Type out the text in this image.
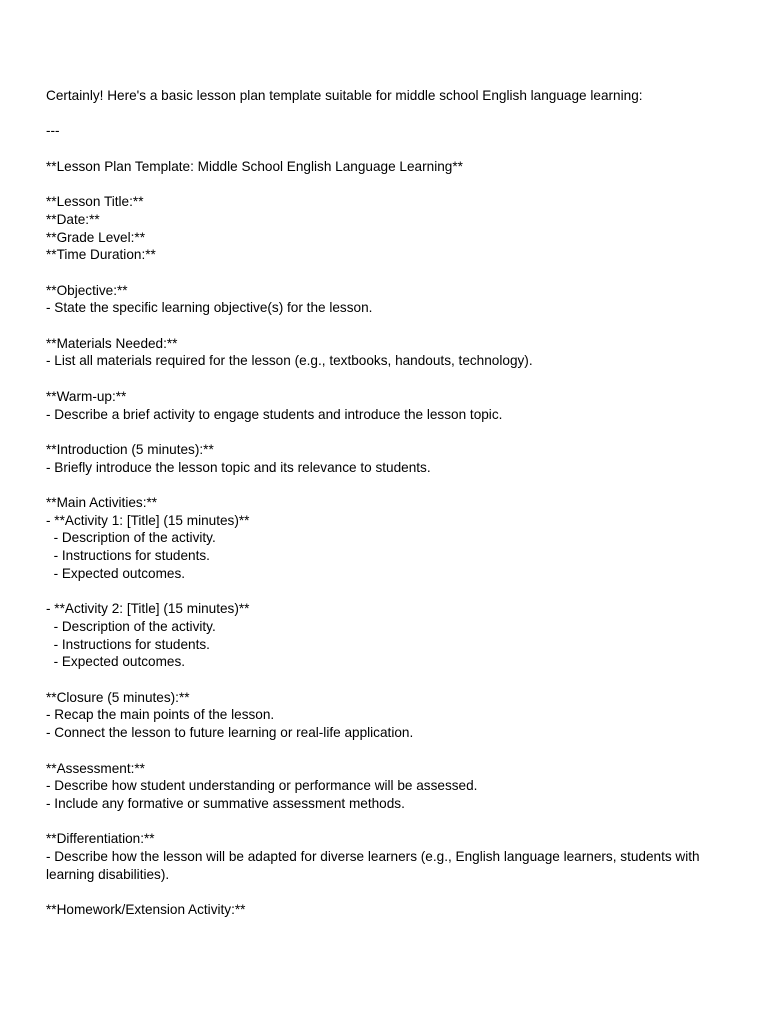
Certainly! Here's a basic lesson plan template suitable for middle school English language learning:
---
**Lesson Plan Template: Middle School English Language Learning**
**Lesson Title:**
**Date:**
**Grade Level:**
**Time Duration:**
**Objective:**
- State the specific learning objective(s) for the lesson.
**Materials Needed:**
- List all materials required for the lesson (e.g., textbooks, handouts, technology).
**Warm-up:**
- Describe a brief activity to engage students and introduce the lesson topic.
**Introduction (5 minutes):**
- Briefly introduce the lesson topic and its relevance to students.
**Main Activities:**
- **Activity 1: [Title] (15 minutes)**
- Description of the activity.
- Instructions for students.
- Expected outcomes.
- **Activity 2: [Title] (15 minutes)**
- Description of the activity.
- Instructions for students.
- Expected outcomes.
**Closure (5 minutes):**
- Recap the main points of the lesson.
- Connect the lesson to future learning or real-life application.
**Assessment:**
- Describe how student understanding or performance will be assessed.
- Include any formative or summative assessment methods.
**Differentiation:**
- Describe how the lesson will be adapted for diverse learners (e.g., English language learners, students with learning disabilities).
**Homework/Extension Activity:**
